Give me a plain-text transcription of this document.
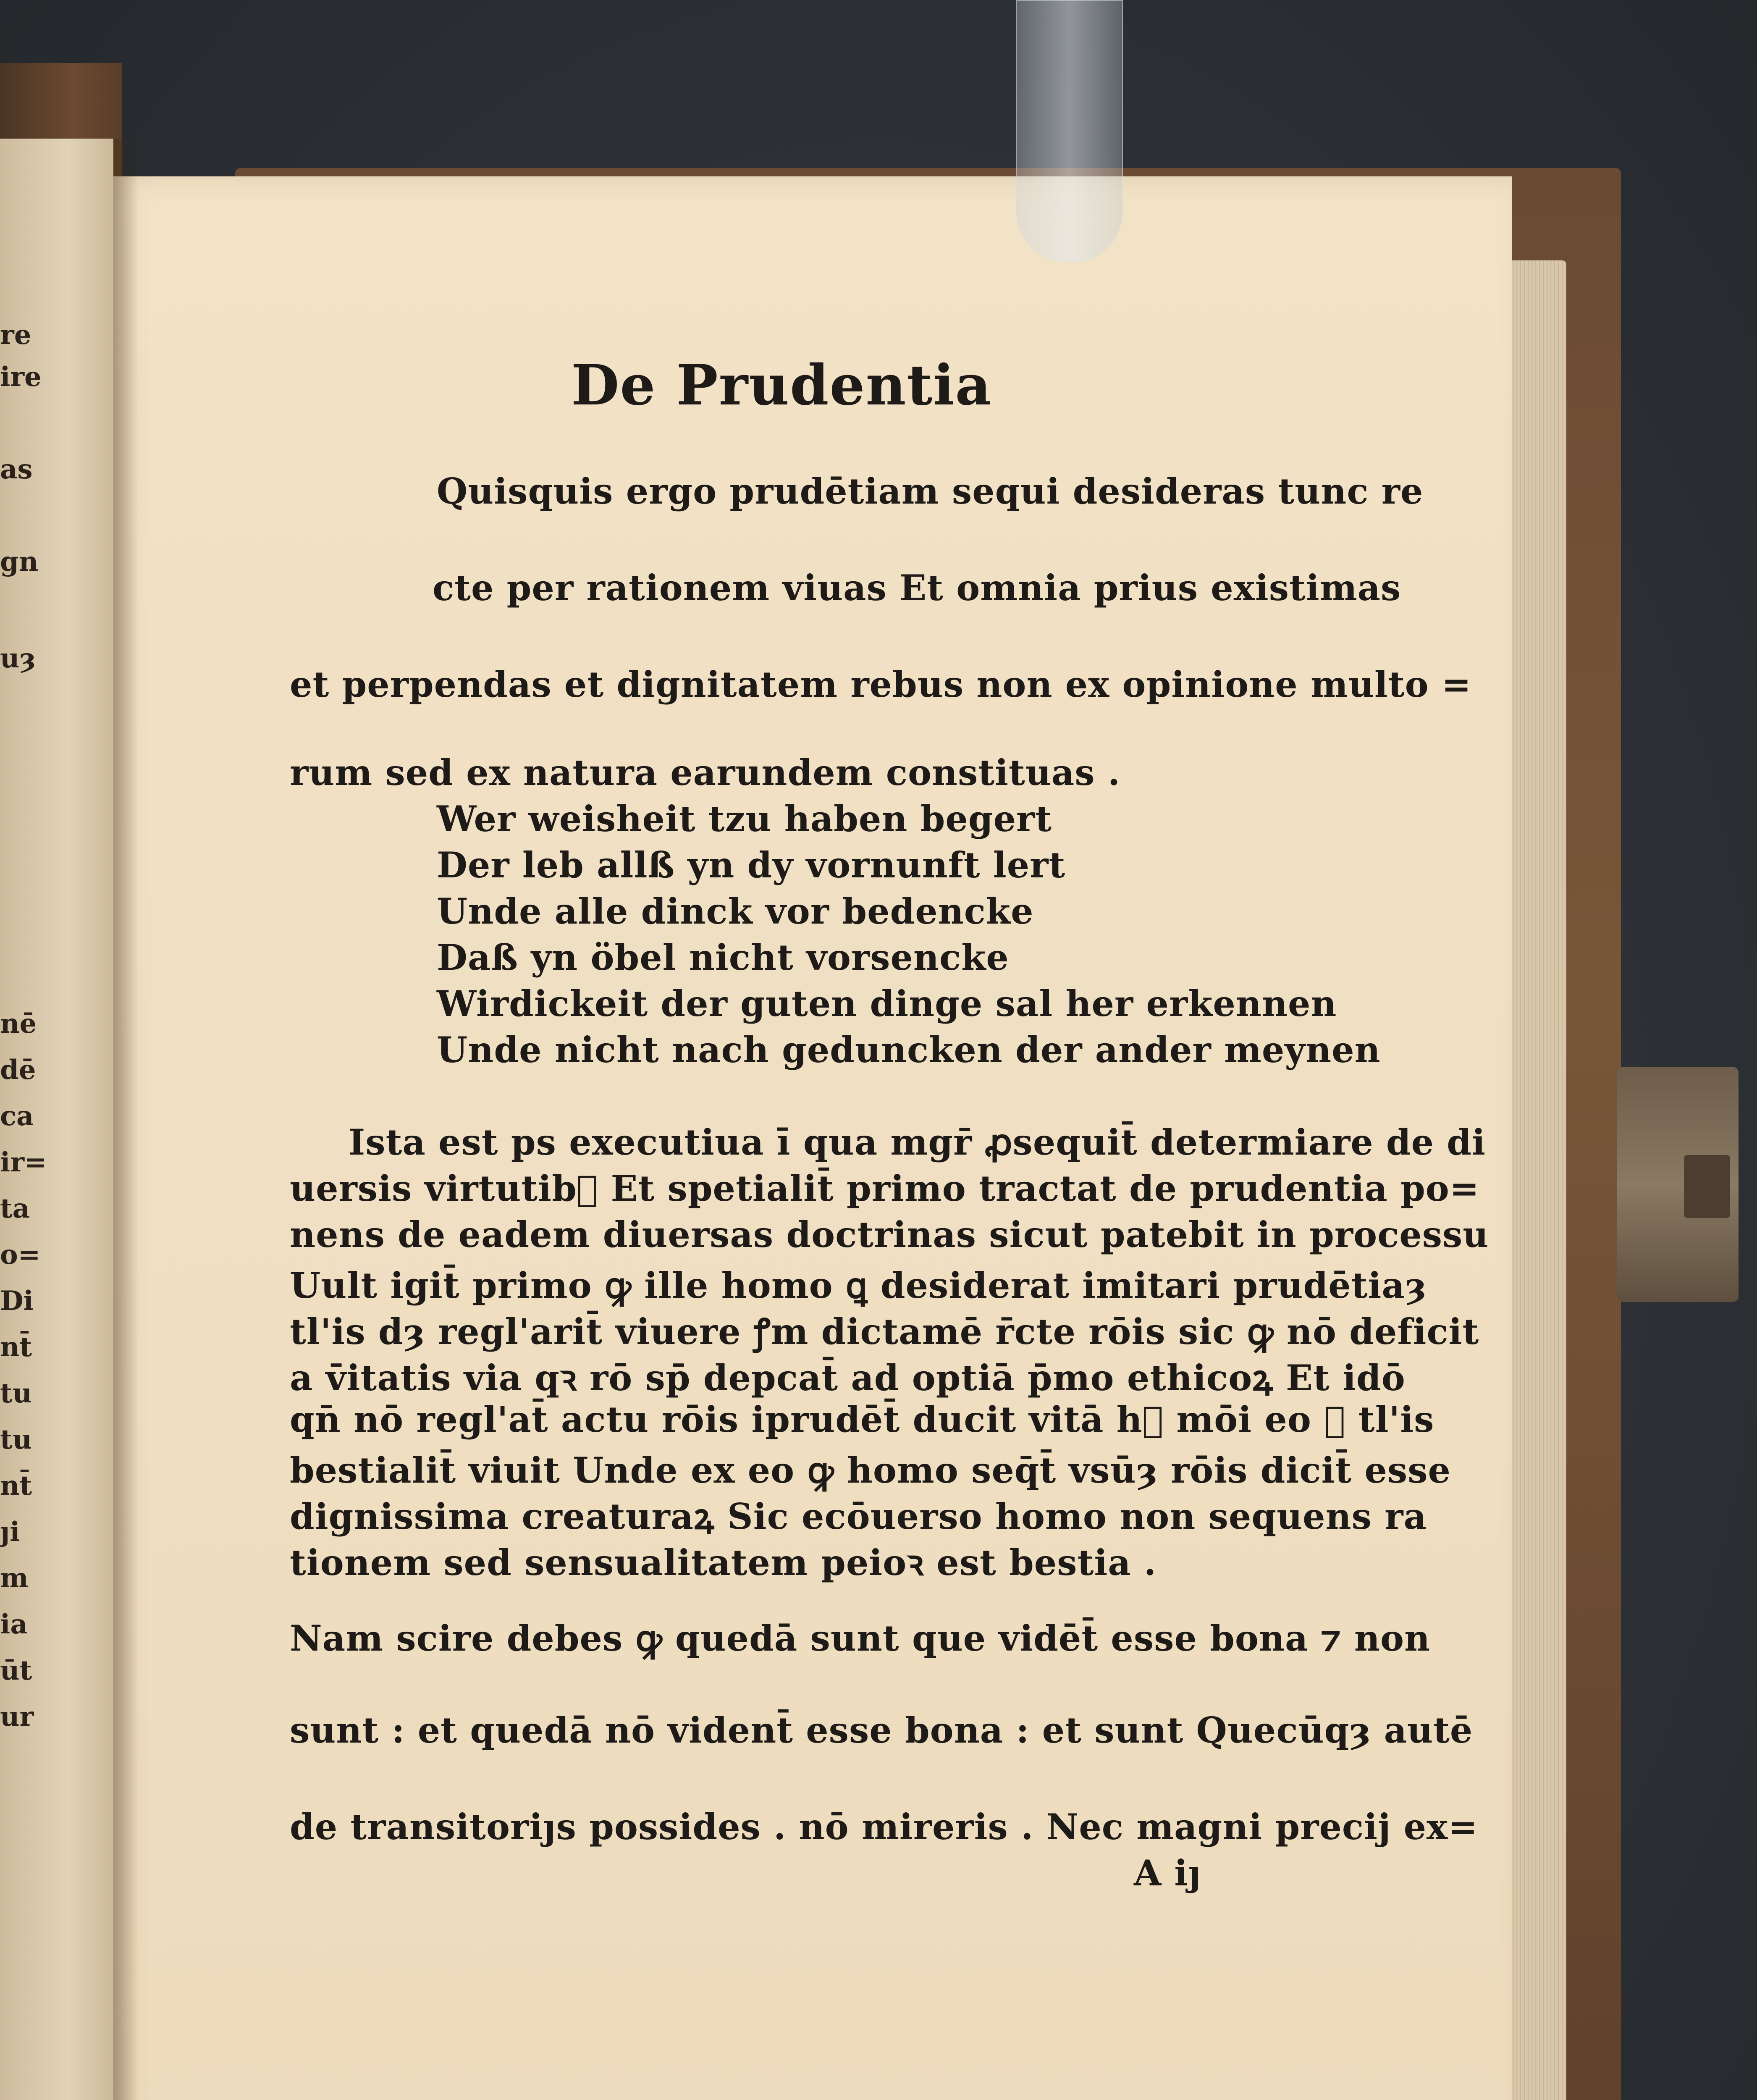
re
ire
as
gn
uȝ
nē
dē
ca
ir=
ta
o=
Di
nt̄
tu
tu
nt̄
ȷi
m
ia
ūt
ur
De Prudentia
Quisquis ergo prudētiam sequi desideras tunc re
cte per rationem viuas Et omnia prius existimas
et perpendas et dignitatem rebus non ex opinione multo =
rum sed ex natura earundem constituas .
Wer weisheit tzu haben begert
Der leb allß yn dy vornunft lert
Unde alle dinck vor bedencke
Daß yn öbel nicht vorsencke
Wirdickeit der guten dinge sal her erkennen
Unde nicht nach geduncken der ander meynen
Ista est ps executiua ī qua mgr̄ ꝓsequit̄ determiare de di
uersis virtutib᷒ Et spetialit̄ primo tractat de prudentia po=
nens de eadem diuersas doctrinas sicut patebit in processu
Uult igit̄ primo ꝙ ille homo ꝗ desiderat imitari prudētiaȝ
tl'is dȝ regl'arit̄ viuere ꝭm dictamē r̄cte rōis sic ꝙ nō deficit
a v̄itatis via qꝛ rō sp̄ depcat̄ ad optiā p̄mo ethicoꝝ Et idō
qn̄ nō regl'at̄ actu rōis iprudēt̄ ducit vitā h᷒ mōi eo ꝙ tl'is
bestialit̄ viuit Unde ex eo ꝙ homo seq̄t̄ vsūȝ rōis dicit̄ esse
dignissima creaturaꝝ Sic ecōuerso homo non sequens ra
tionem sed sensualitatem peioꝛ est bestia .
Nam scire debes ꝙ quedā sunt que vidēt̄ esse bona ⁊ non
sunt : et quedā nō vident̄ esse bona : et sunt Quecūqȝ autē
de transitoriȷs possides . nō mireris . Nec magni precij ex=
A iȷ
